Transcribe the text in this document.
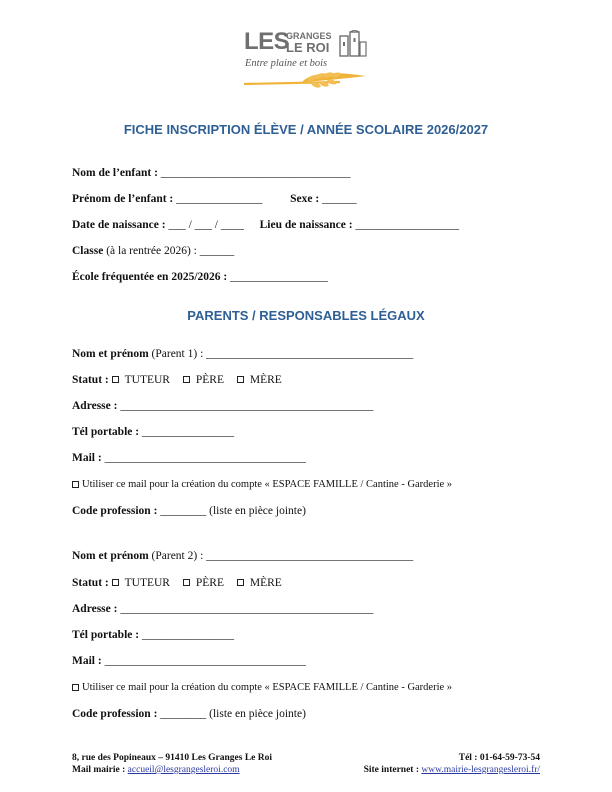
LES
GRANGES
LE ROI
Entre plaine et bois
FICHE INSCRIPTION ÉLÈVE / ANNÉE SCOLAIRE 2026/2027
Nom de l’enfant : _________________________________
Prénom de l’enfant : _______________ Sexe : ______
Date de naissance : ___ / ___ / ____ Lieu de naissance : __________________
Classe (à la rentrée 2026) : ______
École fréquentée en 2025/2026 : _________________
PARENTS / RESPONSABLES LÉGAUX
Nom et prénom (Parent 1) : ____________________________________
Statut : TUTEUR PÈRE MÈRE
Adresse : ____________________________________________
Tél portable : ________________
Mail : ___________________________________
Utiliser ce mail pour la création du compte « ESPACE FAMILLE / Cantine - Garderie »
Code profession : ________ (liste en pièce jointe)
Nom et prénom (Parent 2) : ____________________________________
Statut : TUTEUR PÈRE MÈRE
Adresse : ____________________________________________
Tél portable : ________________
Mail : ___________________________________
Utiliser ce mail pour la création du compte « ESPACE FAMILLE / Cantine - Garderie »
Code profession : ________ (liste en pièce jointe)
8, rue des Popineaux – 91410 Les Granges Le Roi
Mail mairie : accueil@lesgrangesleroi.com
Tél : 01-64-59-73-54
Site internet : www.mairie-lesgrangesleroi.fr/
